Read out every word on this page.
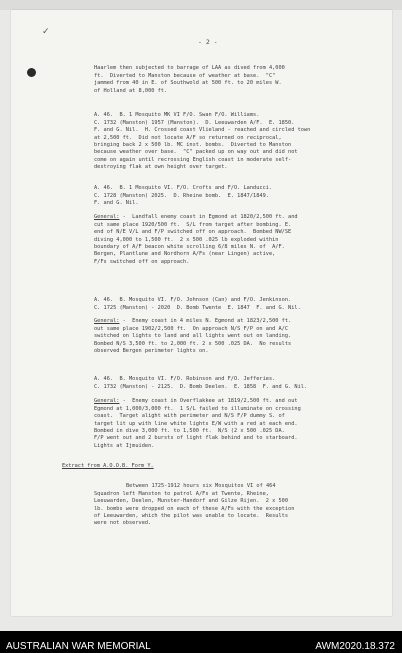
✓
- 2 -

Haarlem then subjected to barrage of LAA as dived from 4,000
ft.  Diverted to Manston because of weather at base.  "C"
jammed from 40 in E. of Southwold at 500 ft. to 20 miles W.
of Holland at 8,000 ft.

A. 46.  B. 1 Mosquito MK VI F/O. Swan F/O. Williams.
C. 1732 (Manston) 1957 (Manston).  D. Leeuwarden A/F.  E. 1850.
F. and G. Nil.  H. Crossed coast Vlieland - reached and circled town
at 2,500 ft.  Did not locate A/F so returned on reciprocal,
bringing back 2 x 500 lb. MC inst. bombs.  Diverted to Manston
because weather over base.  "C" packed up on way out and did not
come on again until recrossing English coast in moderate self-
destroying flak at own height over target.

A. 46.  B. 1 Mosquito VI. F/O. Crofts and F/O. Landucci.
C. 1728 (Manston) 2025.  D. Rheine bomb.  E. 1847/1849.
F. and G. Nil.

General: -  Landfall enemy coast in Egmond at 1820/2,500 ft. and
cut same place 1920/500 ft.  S/L from target after bombing. E.
end of N/E V/L and F/P switched off on approach.  Bombed NW/SE
diving 4,000 to 1,500 ft.  2 x 500 .025 lb exploded within
boundary of A/F beacon white scrolling 6/8 miles N. of  A/F.
Bergen, Plantlune and Nordhorn A/Fs (near Lingen) active,
F/Fs switched off on approach.

A. 46.  B. Mosquito VI. F/O. Johnson (Can) and F/O. Jenkinson.
C. 1725 (Manston) - 2020  D. Bomb Twente  E. 1847  F. and G. Nil.

General: -  Enemy coast in 4 miles N. Egmond at 1823/2,500 ft.
out same place 1902/2,500 ft.  On approach N/S F/P on and A/C
switched on lights to land and all lights went out on landing.
Bombed N/S 3,500 ft. to 2,000 ft. 2 x 500 .025 DA.  No results
observed Bergen perimeter lights on.

A. 46.  B. Mosquito VI. F/O. Robinson and F/O. Jefferies.
C. 1732 (Manston) - 2125.  D. Bomb Deelen.  E. 1858  F. and G. Nil.

General: -  Enemy coast in Overflakkee at 1819/2,500 ft. and out
Egmond at 1,000/3,000 ft.  1 S/L failed to illuminate on crossing
coast.  Target alight with perimeter and N/S F/P dummy S. of
target lit up with line white lights E/W with a red at each end.
Bombed in dive 3,000 ft. to 1,500 ft.  N/S (2 x 500 .025 DA.
F/P went out and 2 bursts of light flak behind and to starboard.
Lights at Ijmuiden.

Extract from A.O.O.B. Form Y.

Between 1725-1912 hours six Mosquitos VI of 464
Squadron left Manston to patrol A/Fs at Twente, Rheine,
Leeuwarden, Deelen, Munster-Handorf and Gilze Rijen.  2 x 500
lb. bombs were dropped on each of these A/Fs with the exception
of Leeuwarden, which the pilot was unable to locate.  Results
were not observed.

AUSTRALIAN WAR MEMORIAL	AWM2020.18.372
